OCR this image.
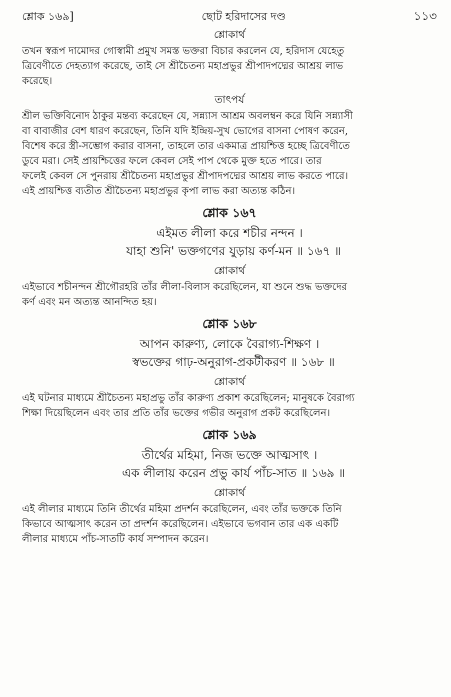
শ্লোক ১৬৯]	ছোট হরিদাসের দণ্ড	১১৩
শ্লোকার্থ
তখন স্বরূপ দামোদর গোস্বামী প্রমুখ সমস্ত ভক্তরা বিচার করলেন যে, হরিদাস যেহেতু
ত্রিবেণীতে দেহত্যাগ করেছে, তাই সে শ্রীচৈতন্য মহাপ্রভুর শ্রীপাদপদ্মের আশ্রয় লাভ
করেছে।
তাৎপর্য
শ্রীল ভক্তিবিনোদ ঠাকুর মন্তব্য করেছেন যে, সন্ন্যাস আশ্রম অবলম্বন করে যিনি সন্ন্যাসী
বা বাবাজীর বেশ ধারণ করেছেন, তিনি যদি ইন্দ্রিয়-সুখ ভোগের বাসনা পোষণ করেন,
বিশেষ করে স্ত্রী-সম্ভোগ করার বাসনা, তাহলে তার একমাত্র প্রায়শ্চিত্ত হচ্ছে ত্রিবেণীতে
ডুবে মরা। সেই প্রায়শ্চিত্তের ফলে কেবল সেই পাপ থেকে মুক্ত হতে পারে। তার
ফলেই কেবল সে পুনরায় শ্রীচৈতন্য মহাপ্রভুর শ্রীপাদপদ্মের আশ্রয় লাভ করতে পারে।
এই প্রায়শ্চিত্ত ব্যতীত শ্রীচৈতন্য মহাপ্রভুর কৃপা লাভ করা অত্যন্ত কঠিন।
শ্লোক ১৬৭
এইমত লীলা করে শচীর নন্দন ।
যাহা শুনি' ভক্তগণের যুড়ায় কর্ণ-মন ॥ ১৬৭ ॥
শ্লোকার্থ
এইভাবে শচীনন্দন শ্রীগৌরহরি তাঁর লীলা-বিলাস করেছিলেন, যা শুনে শুদ্ধ ভক্তদের
কর্ণ এবং মন অত্যন্ত আনন্দিত হয়।
শ্লোক ১৬৮
আপন কারুণ্য, লোকে বৈরাগ্য-শিক্ষণ ।
স্বভক্তের গাঢ়-অনুরাগ-প্রকটীকরণ ॥ ১৬৮ ॥
শ্লোকার্থ
এই ঘটনার মাধ্যমে শ্রীচৈতন্য মহাপ্রভু তাঁর কারুণ্য প্রকাশ করেছিলেন; মানুষকে বৈরাগ্য
শিক্ষা দিয়েছিলেন এবং তার প্রতি তাঁর ভক্তের গভীর অনুরাগ প্রকট করেছিলেন।
শ্লোক ১৬৯
তীর্থের মহিমা, নিজ ভক্তে আত্মসাৎ ।
এক লীলায় করেন প্রভু কার্য পাঁচ-সাত ॥ ১৬৯ ॥
শ্লোকার্থ
এই লীলার মাধ্যমে তিনি তীর্থের মহিমা প্রদর্শন করেছিলেন, এবং তাঁর ভক্তকে তিনি
কিভাবে আত্মসাৎ করেন তা প্রদর্শন করেছিলেন। এইভাবে ভগবান তার এক একটি
লীলার মাধ্যমে পাঁচ-সাতটি কার্য সম্পাদন করেন।
